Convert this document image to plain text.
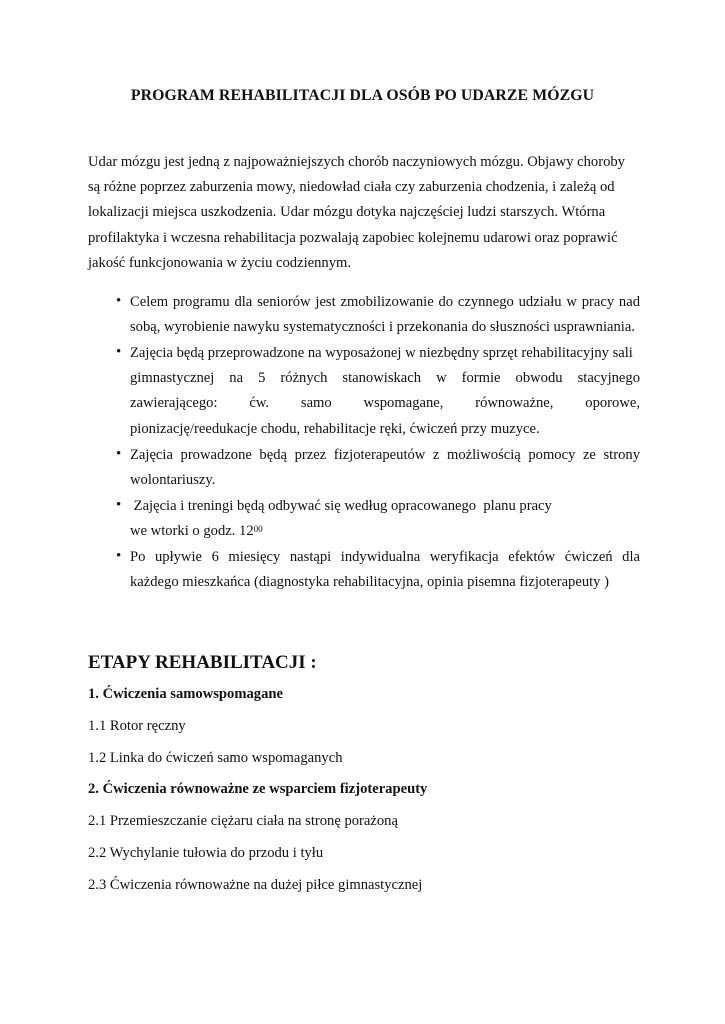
PROGRAM REHABILITACJI DLA OSÓB PO UDARZE MÓZGU
Udar mózgu jest jedną z najpoważniejszych chorób naczyniowych mózgu. Objawy choroby
są różne poprzez zaburzenia mowy, niedowład ciała czy zaburzenia chodzenia, i zależą od
lokalizacji miejsca uszkodzenia. Udar mózgu dotyka najczęściej ludzi starszych. Wtórna
profilaktyka i wczesna rehabilitacja pozwalają zapobiec kolejnemu udarowi oraz poprawić
jakość funkcjonowania w życiu codziennym.
• Celem programu dla seniorów jest zmobilizowanie do czynnego udziału w pracy nad
sobą, wyrobienie nawyku systematyczności i przekonania do słuszności usprawniania.
• Zajęcia będą przeprowadzone na wyposażonej w niezbędny sprzęt rehabilitacyjny sali
gimnastycznej na 5 różnych stanowiskach w formie obwodu stacyjnego
zawierającego: ćw. samo wspomagane, równoważne, oporowe,
pionizację/reedukacje chodu, rehabilitacje ręki, ćwiczeń przy muzyce.
• Zajęcia prowadzone będą przez fizjoterapeutów z możliwością pomocy ze strony
wolontariuszy.
• Zajęcia i treningi będą odbywać się według opracowanego  planu pracy
we wtorki o godz. $12^{00}$
• Po upływie 6 miesięcy nastąpi indywidualna weryfikacja efektów ćwiczeń dla
każdego mieszkańca (diagnostyka rehabilitacyjna, opinia pisemna fizjoterapeuty )
ETAPY REHABILITACJI :
1. Ćwiczenia samowspomagane
1.1 Rotor ręczny
1.2 Linka do ćwiczeń samo wspomaganych
2. Ćwiczenia równoważne ze wsparciem fizjoterapeuty
2.1 Przemieszczanie ciężaru ciała na stronę porażoną
2.2 Wychylanie tułowia do przodu i tyłu
2.3 Ćwiczenia równoważne na dużej piłce gimnastycznej
